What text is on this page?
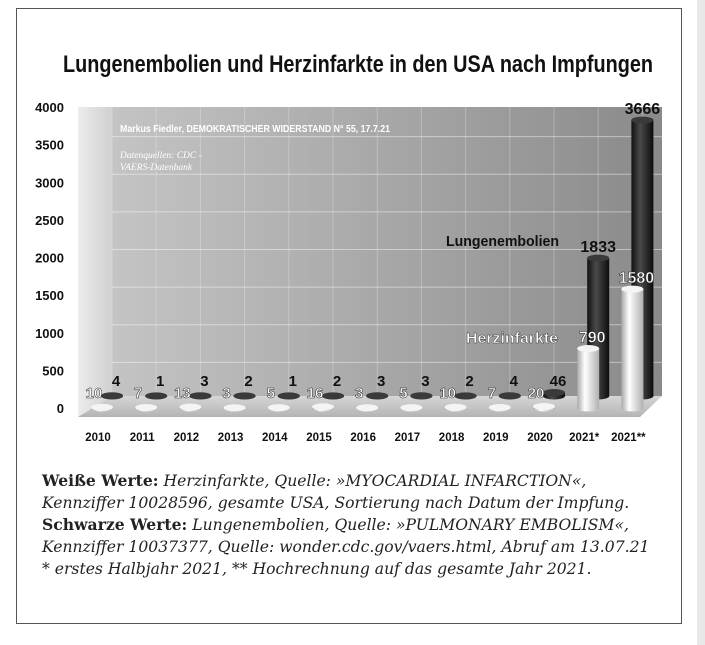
Lungenembolien und Herzinfarkte in den USA nach Impfungen
0
500
1000
1500
2000
2500
3000
3500
4000
10
4
7
1
13
3
3
2
5
1
16
2
3
3
5
3
10
2
7
4
20
46
1833
790
3666
1580
2010 2011 2012 2013 2014 2015 2016 2017 2018 2019 2020 2021* 2021**
Markus Fiedler, DEMOKRATISCHER WIDERSTAND N° 55, 17.7.21
Datenquellen: CDC -
VAERS-Datenbank
Lungenembolien
Herzinfarkte

Weiße Werte: Herzinfarkte, Quelle: »MYOCARDIAL INFARCTION«,

Kennziffer 10028596, gesamte USA, Sortierung nach Datum der Impfung.

Schwarze Werte: Lungenembolien, Quelle: »PULMONARY EMBOLISM«,

Kennziffer 10037377, Quelle: wonder.cdc.gov/vaers.html, Abruf am 13.07.21

* erstes Halbjahr 2021, ** Hochrechnung auf das gesamte Jahr 2021.
